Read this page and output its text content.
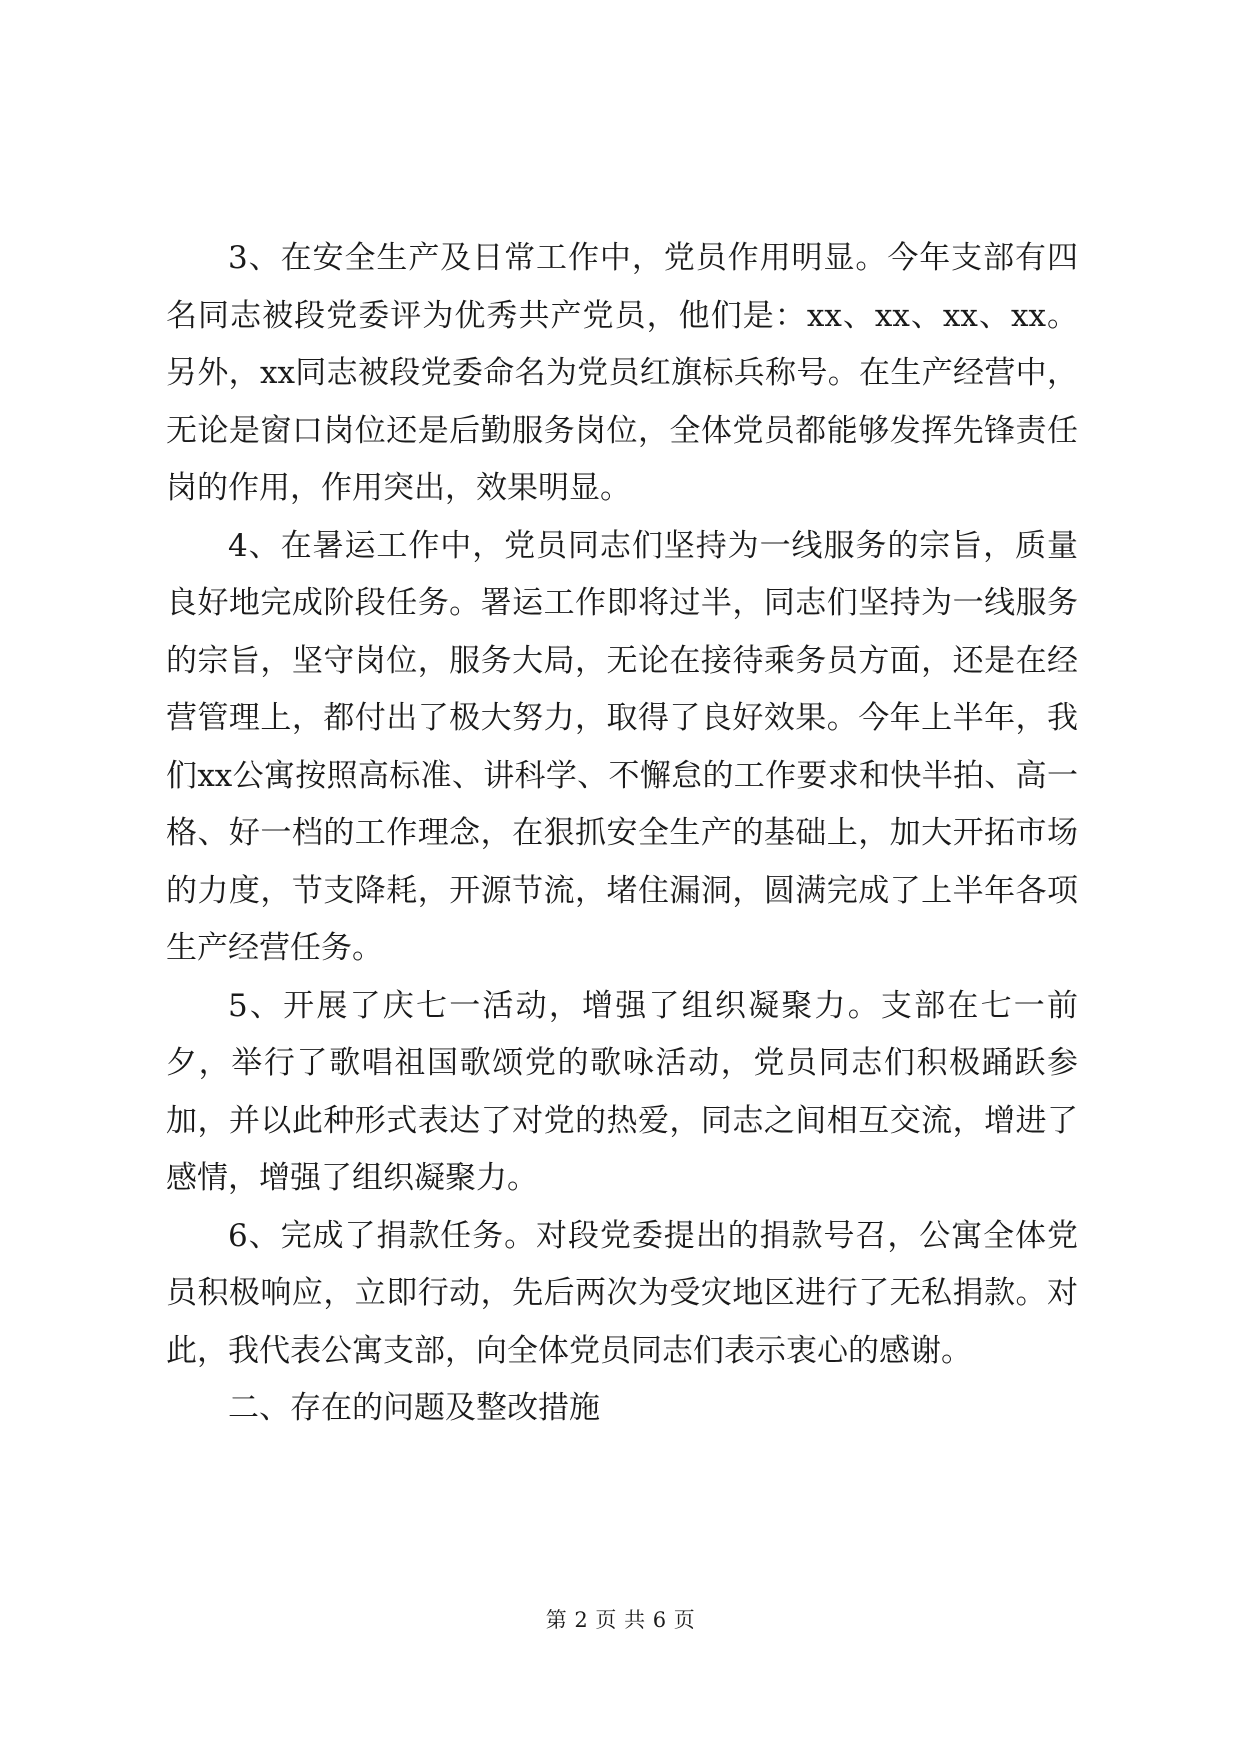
3、在安全生产及日常工作中，党员作用明显。今年支部有四名同志被段党委评为优秀共产党员，他们是：xx、xx、xx、xx。另外，xx同志被段党委命名为党员红旗标兵称号。在生产经营中，无论是窗口岗位还是后勤服务岗位，全体党员都能够发挥先锋责任岗的作用，作用突出，效果明显。

4、在暑运工作中，党员同志们坚持为一线服务的宗旨，质量良好地完成阶段任务。署运工作即将过半，同志们坚持为一线服务的宗旨，坚守岗位，服务大局，无论在接待乘务员方面，还是在经营管理上，都付出了极大努力，取得了良好效果。今年上半年，我们xx公寓按照高标准、讲科学、不懈怠的工作要求和快半拍、高一格、好一档的工作理念，在狠抓安全生产的基础上，加大开拓市场的力度，节支降耗，开源节流，堵住漏洞，圆满完成了上半年各项生产经营任务。

5、开展了庆七一活动，增强了组织凝聚力。支部在七一前夕，举行了歌唱祖国歌颂党的歌咏活动，党员同志们积极踊跃参加，并以此种形式表达了对党的热爱，同志之间相互交流，增进了感情，增强了组织凝聚力。

6、完成了捐款任务。对段党委提出的捐款号召，公寓全体党员积极响应，立即行动，先后两次为受灾地区进行了无私捐款。对此，我代表公寓支部，向全体党员同志们表示衷心的感谢。

二、存在的问题及整改措施

第 2 页 共 6 页
